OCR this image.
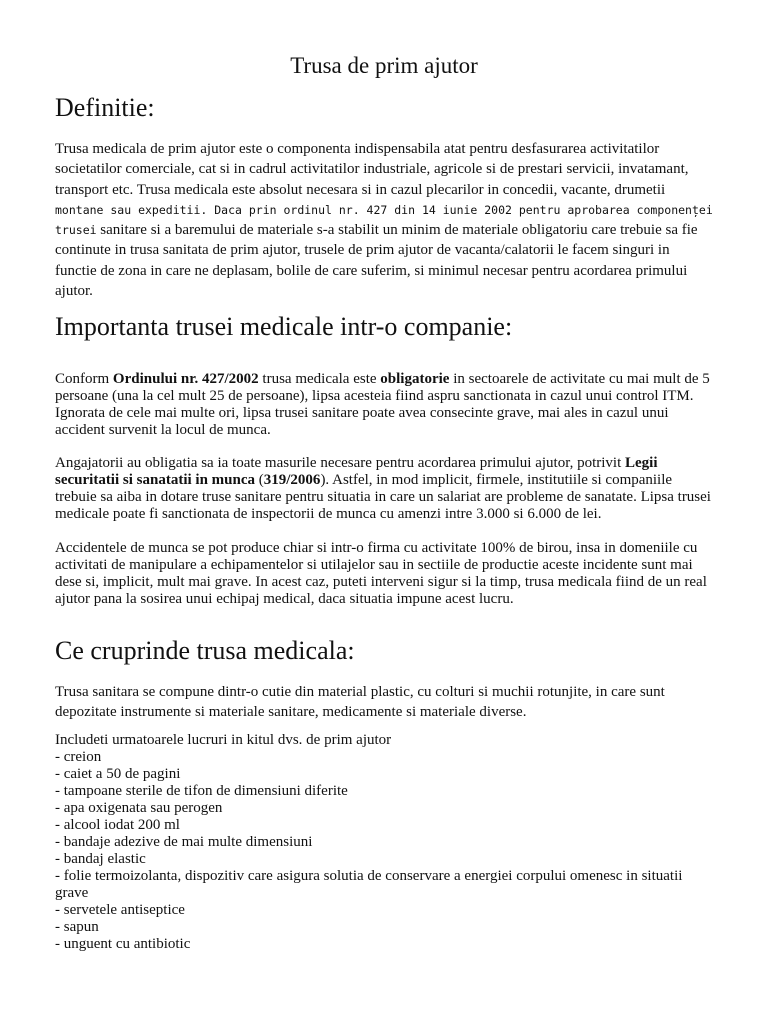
Trusa de prim ajutor
Definitie:

Trusa medicala de prim ajutor este o componenta indispensabila atat pentru desfasurarea activitatilor societatilor comerciale, cat si in cadrul activitatilor industriale, agricole si de prestari servicii, invatamant, transport etc. Trusa medicala este absolut necesara si in cazul plecarilor in concedii, vacante, drumetii montane sau expeditii. Daca prin ordinul nr. 427 din 14 iunie 2002 pentru aprobarea componenței trusei sanitare si a baremului de materiale s-a stabilit un minim de materiale obligatoriu care trebuie sa fie continute in trusa sanitata de prim ajutor, trusele de prim ajutor de vacanta/calatorii le facem singuri in functie de zona in care ne deplasam, bolile de care suferim, si minimul necesar pentru acordarea primului ajutor.

Importanta trusei medicale intr-o companie:

Conform Ordinului nr. 427/2002 trusa medicala este obligatorie in sectoarele de activitate cu mai mult de 5 persoane (una la cel mult 25 de persoane), lipsa acesteia fiind aspru sanctionata in cazul unui control ITM. Ignorata de cele mai multe ori, lipsa trusei sanitare poate avea consecinte grave, mai ales in cazul unui accident survenit la locul de munca.

Angajatorii au obligatia sa ia toate masurile necesare pentru acordarea primului ajutor, potrivit Legii securitatii si sanatatii in munca (319/2006). Astfel, in mod implicit, firmele, institutiile si companiile trebuie sa aiba in dotare truse sanitare pentru situatia in care un salariat are probleme de sanatate. Lipsa trusei medicale poate fi sanctionata de inspectorii de munca cu amenzi intre 3.000 si 6.000 de lei.

Accidentele de munca se pot produce chiar si intr-o firma cu activitate 100% de birou, insa in domeniile cu activitati de manipulare a echipamentelor si utilajelor sau in sectiile de productie aceste incidente sunt mai dese si, implicit, mult mai grave. In acest caz, puteti interveni sigur si la timp, trusa medicala fiind de un real ajutor pana la sosirea unui echipaj medical, daca situatia impune acest lucru.

Ce cruprinde trusa medicala:

Trusa sanitara se compune dintr-o cutie din material plastic, cu colturi si muchii rotunjite, in care sunt depozitate instrumente si materiale sanitare, medicamente si materiale diverse.

Includeti urmatoarele lucruri in kitul dvs. de prim ajutor

- creion
- caiet a 50 de pagini
- tampoane sterile de tifon de dimensiuni diferite
- apa oxigenata sau perogen
- alcool iodat 200 ml
- bandaje adezive de mai multe dimensiuni
- bandaj elastic
- folie termoizolanta, dispozitiv care asigura solutia de conservare a energiei corpului omenesc in situatii grave
- servetele antiseptice
- sapun
- unguent cu antibiotic
